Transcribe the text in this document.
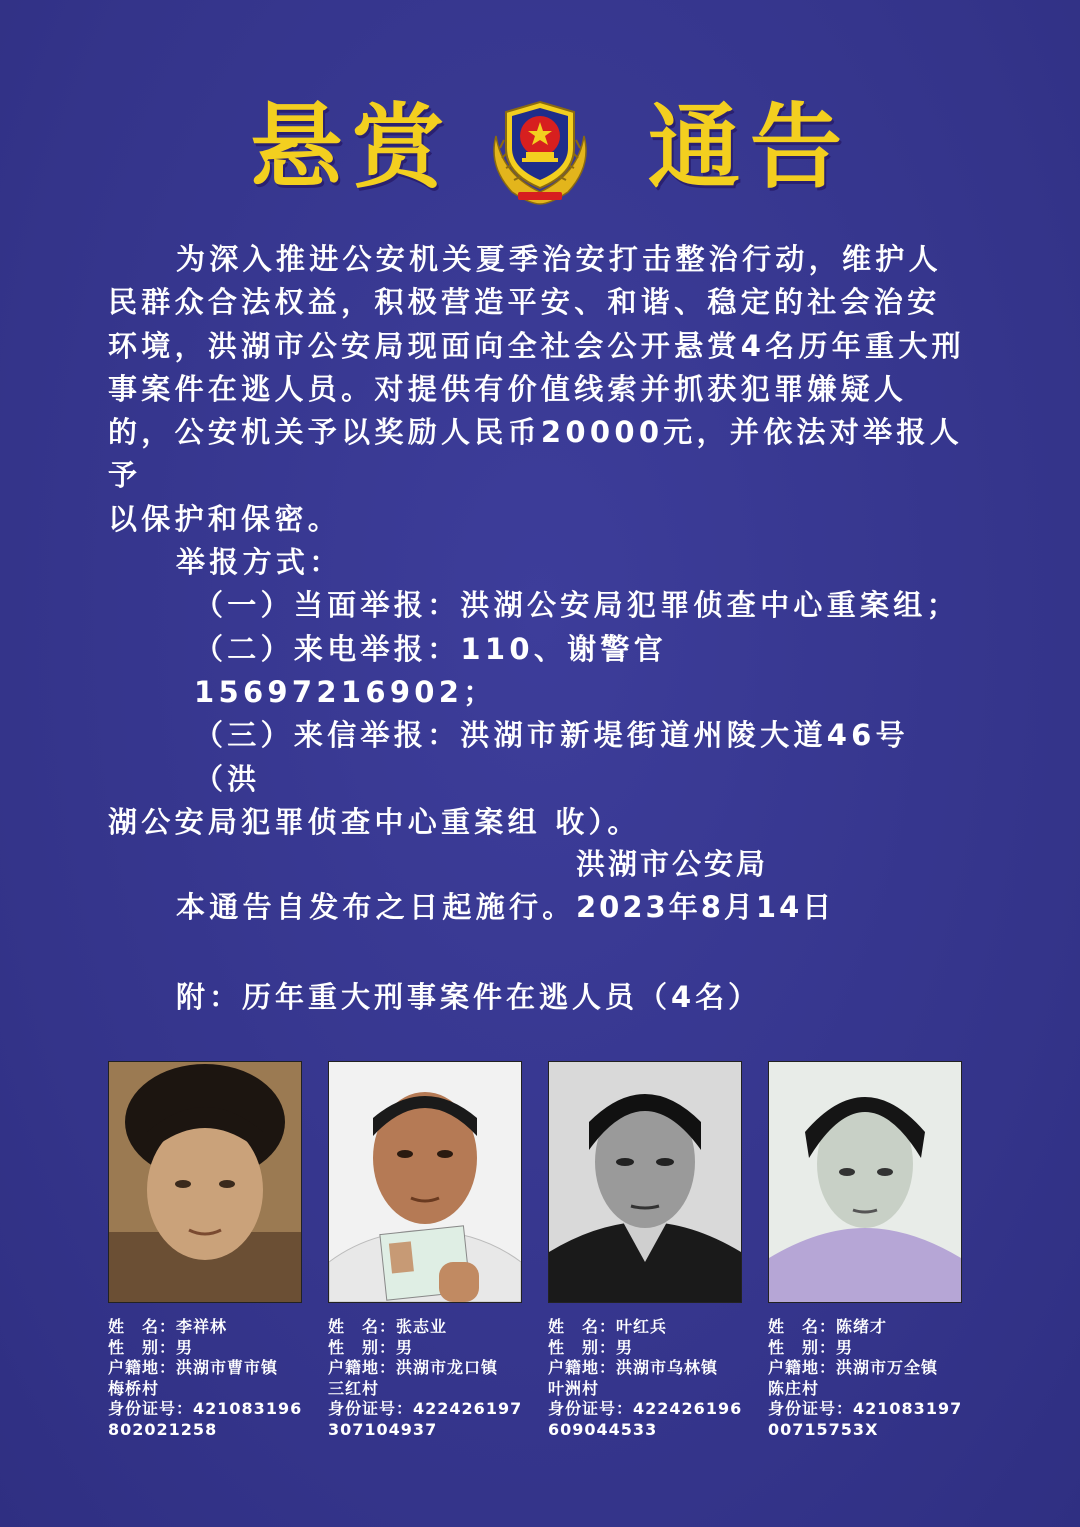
悬赏 通告
为深入推进公安机关夏季治安打击整治行动，维护人
民群众合法权益，积极营造平安、和谐、稳定的社会治安
环境，洪湖市公安局现面向全社会公开悬赏4名历年重大刑
事案件在逃人员。对提供有价值线索并抓获犯罪嫌疑人
的，公安机关予以奖励人民币20000元，并依法对举报人予
以保护和保密。
举报方式：
（一）当面举报：洪湖公安局犯罪侦查中心重案组；
（二）来电举报：110、谢警官 15697216902；
（三）来信举报：洪湖市新堤街道州陵大道46号 （洪
湖公安局犯罪侦查中心重案组 收）。
本通告自发布之日起施行。
洪湖市公安局
2023年8月14日
附：历年重大刑事案件在逃人员（4名）
姓　名：李祥林
性　别：男
户籍地：洪湖市曹市镇
梅桥村
身份证号：421083196
802021258
姓　名：张志业
性　别：男
户籍地：洪湖市龙口镇
三红村
身份证号：422426197
307104937
姓　名：叶红兵
性　别：男
户籍地：洪湖市乌林镇
叶洲村
身份证号：422426196
609044533
姓　名：陈绪才
性　别：男
户籍地：洪湖市万全镇
陈庄村
身份证号：421083197
00715753X
